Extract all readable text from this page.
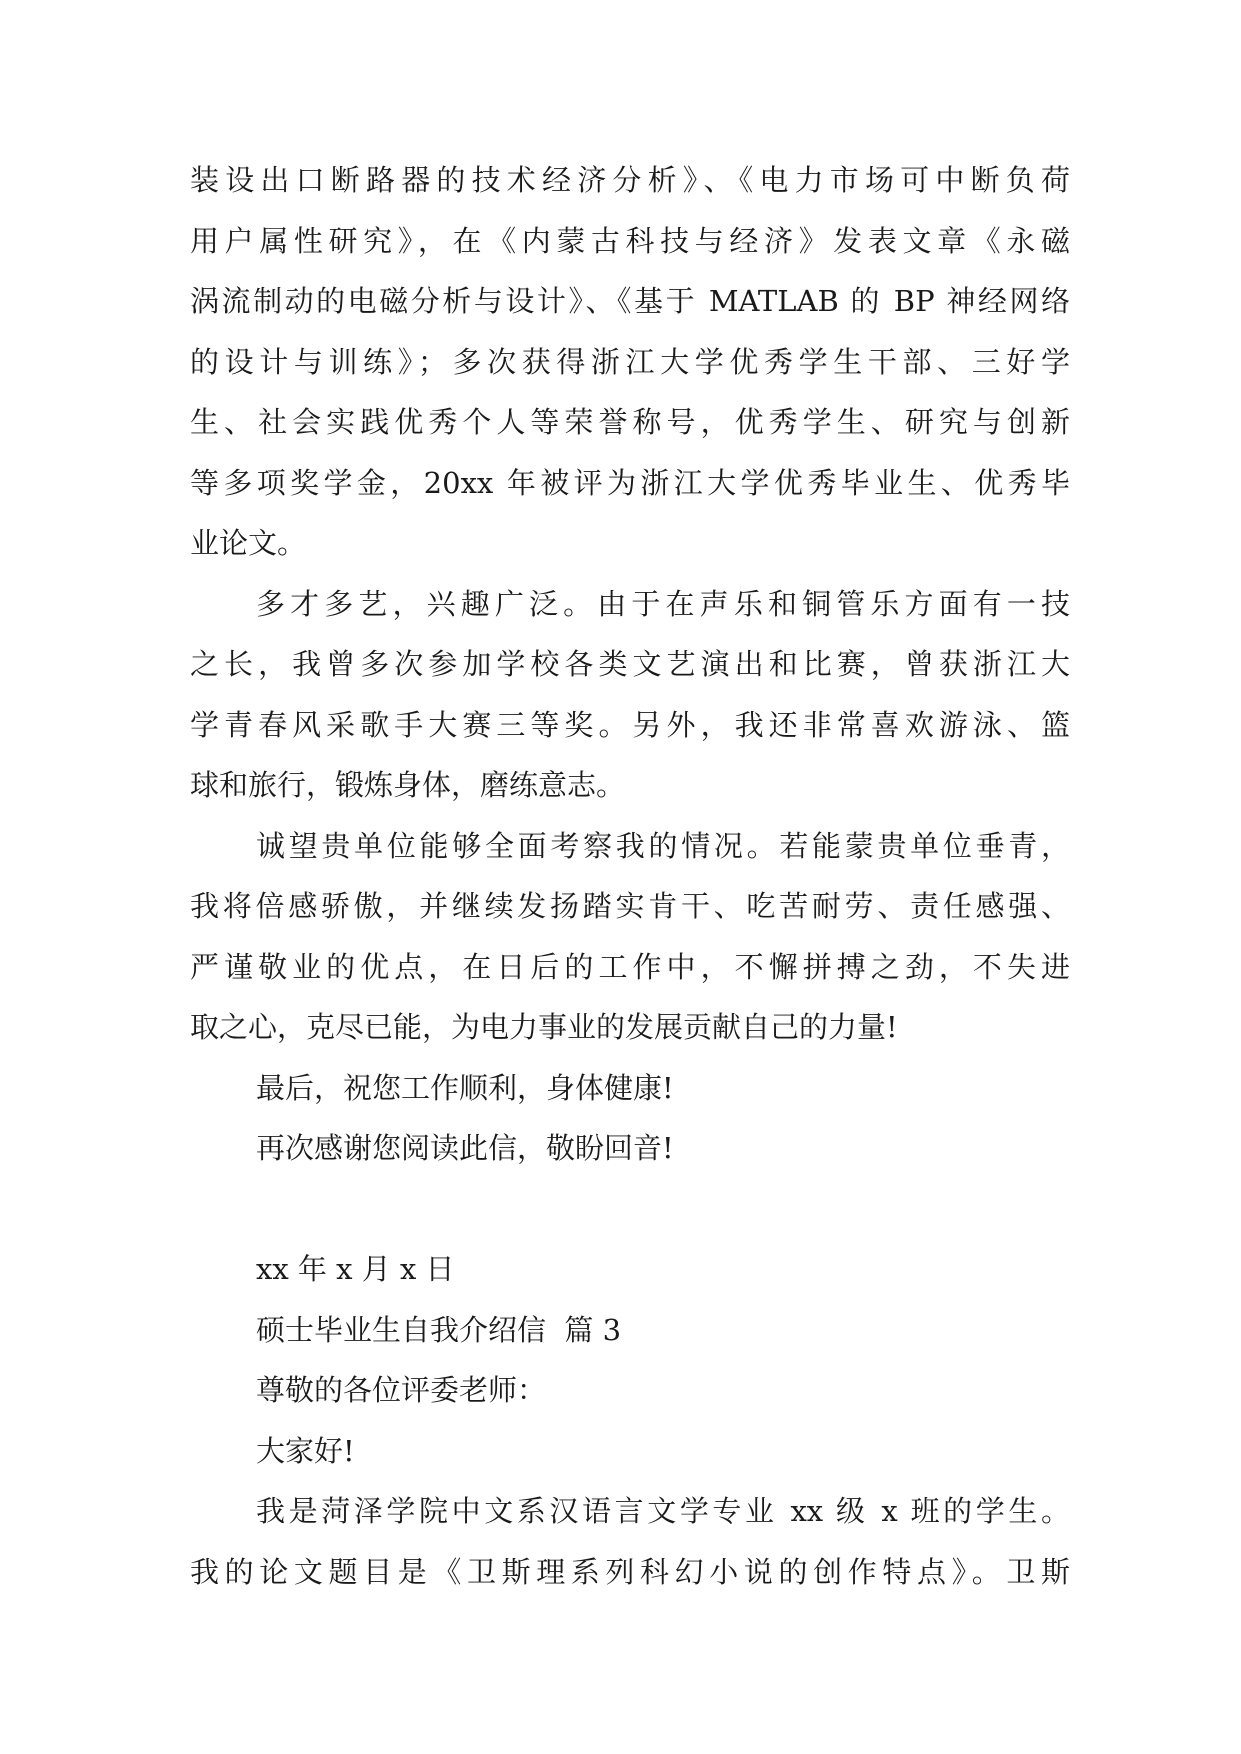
装设出口断路器的技术经济分析》、《电力市场可中断负荷
用户属性研究》，在《内蒙古科技与经济》发表文章《永磁
涡流制动的电磁分析与设计》、《基于 MATLAB 的 BP 神经网络
的设计与训练》；多次获得浙江大学优秀学生干部、三好学
生、社会实践优秀个人等荣誉称号，优秀学生、研究与创新
等多项奖学金，20xx 年被评为浙江大学优秀毕业生、优秀毕
业论文。
多才多艺，兴趣广泛。由于在声乐和铜管乐方面有一技
之长，我曾多次参加学校各类文艺演出和比赛，曾获浙江大
学青春风采歌手大赛三等奖。另外，我还非常喜欢游泳、篮
球和旅行，锻炼身体，磨练意志。
诚望贵单位能够全面考察我的情况。若能蒙贵单位垂青，
我将倍感骄傲，并继续发扬踏实肯干、吃苦耐劳、责任感强、
严谨敬业的优点，在日后的工作中，不懈拼搏之劲，不失进
取之心，克尽已能，为电力事业的发展贡献自己的力量!
最后，祝您工作顺利，身体健康!
再次感谢您阅读此信，敬盼回音!
xx 年 x 月 x 日
硕士毕业生自我介绍信  篇 3
尊敬的各位评委老师：
大家好!
我是菏泽学院中文系汉语言文学专业 xx 级 x 班的学生。
我的论文题目是《卫斯理系列科幻小说的创作特点》。卫斯
